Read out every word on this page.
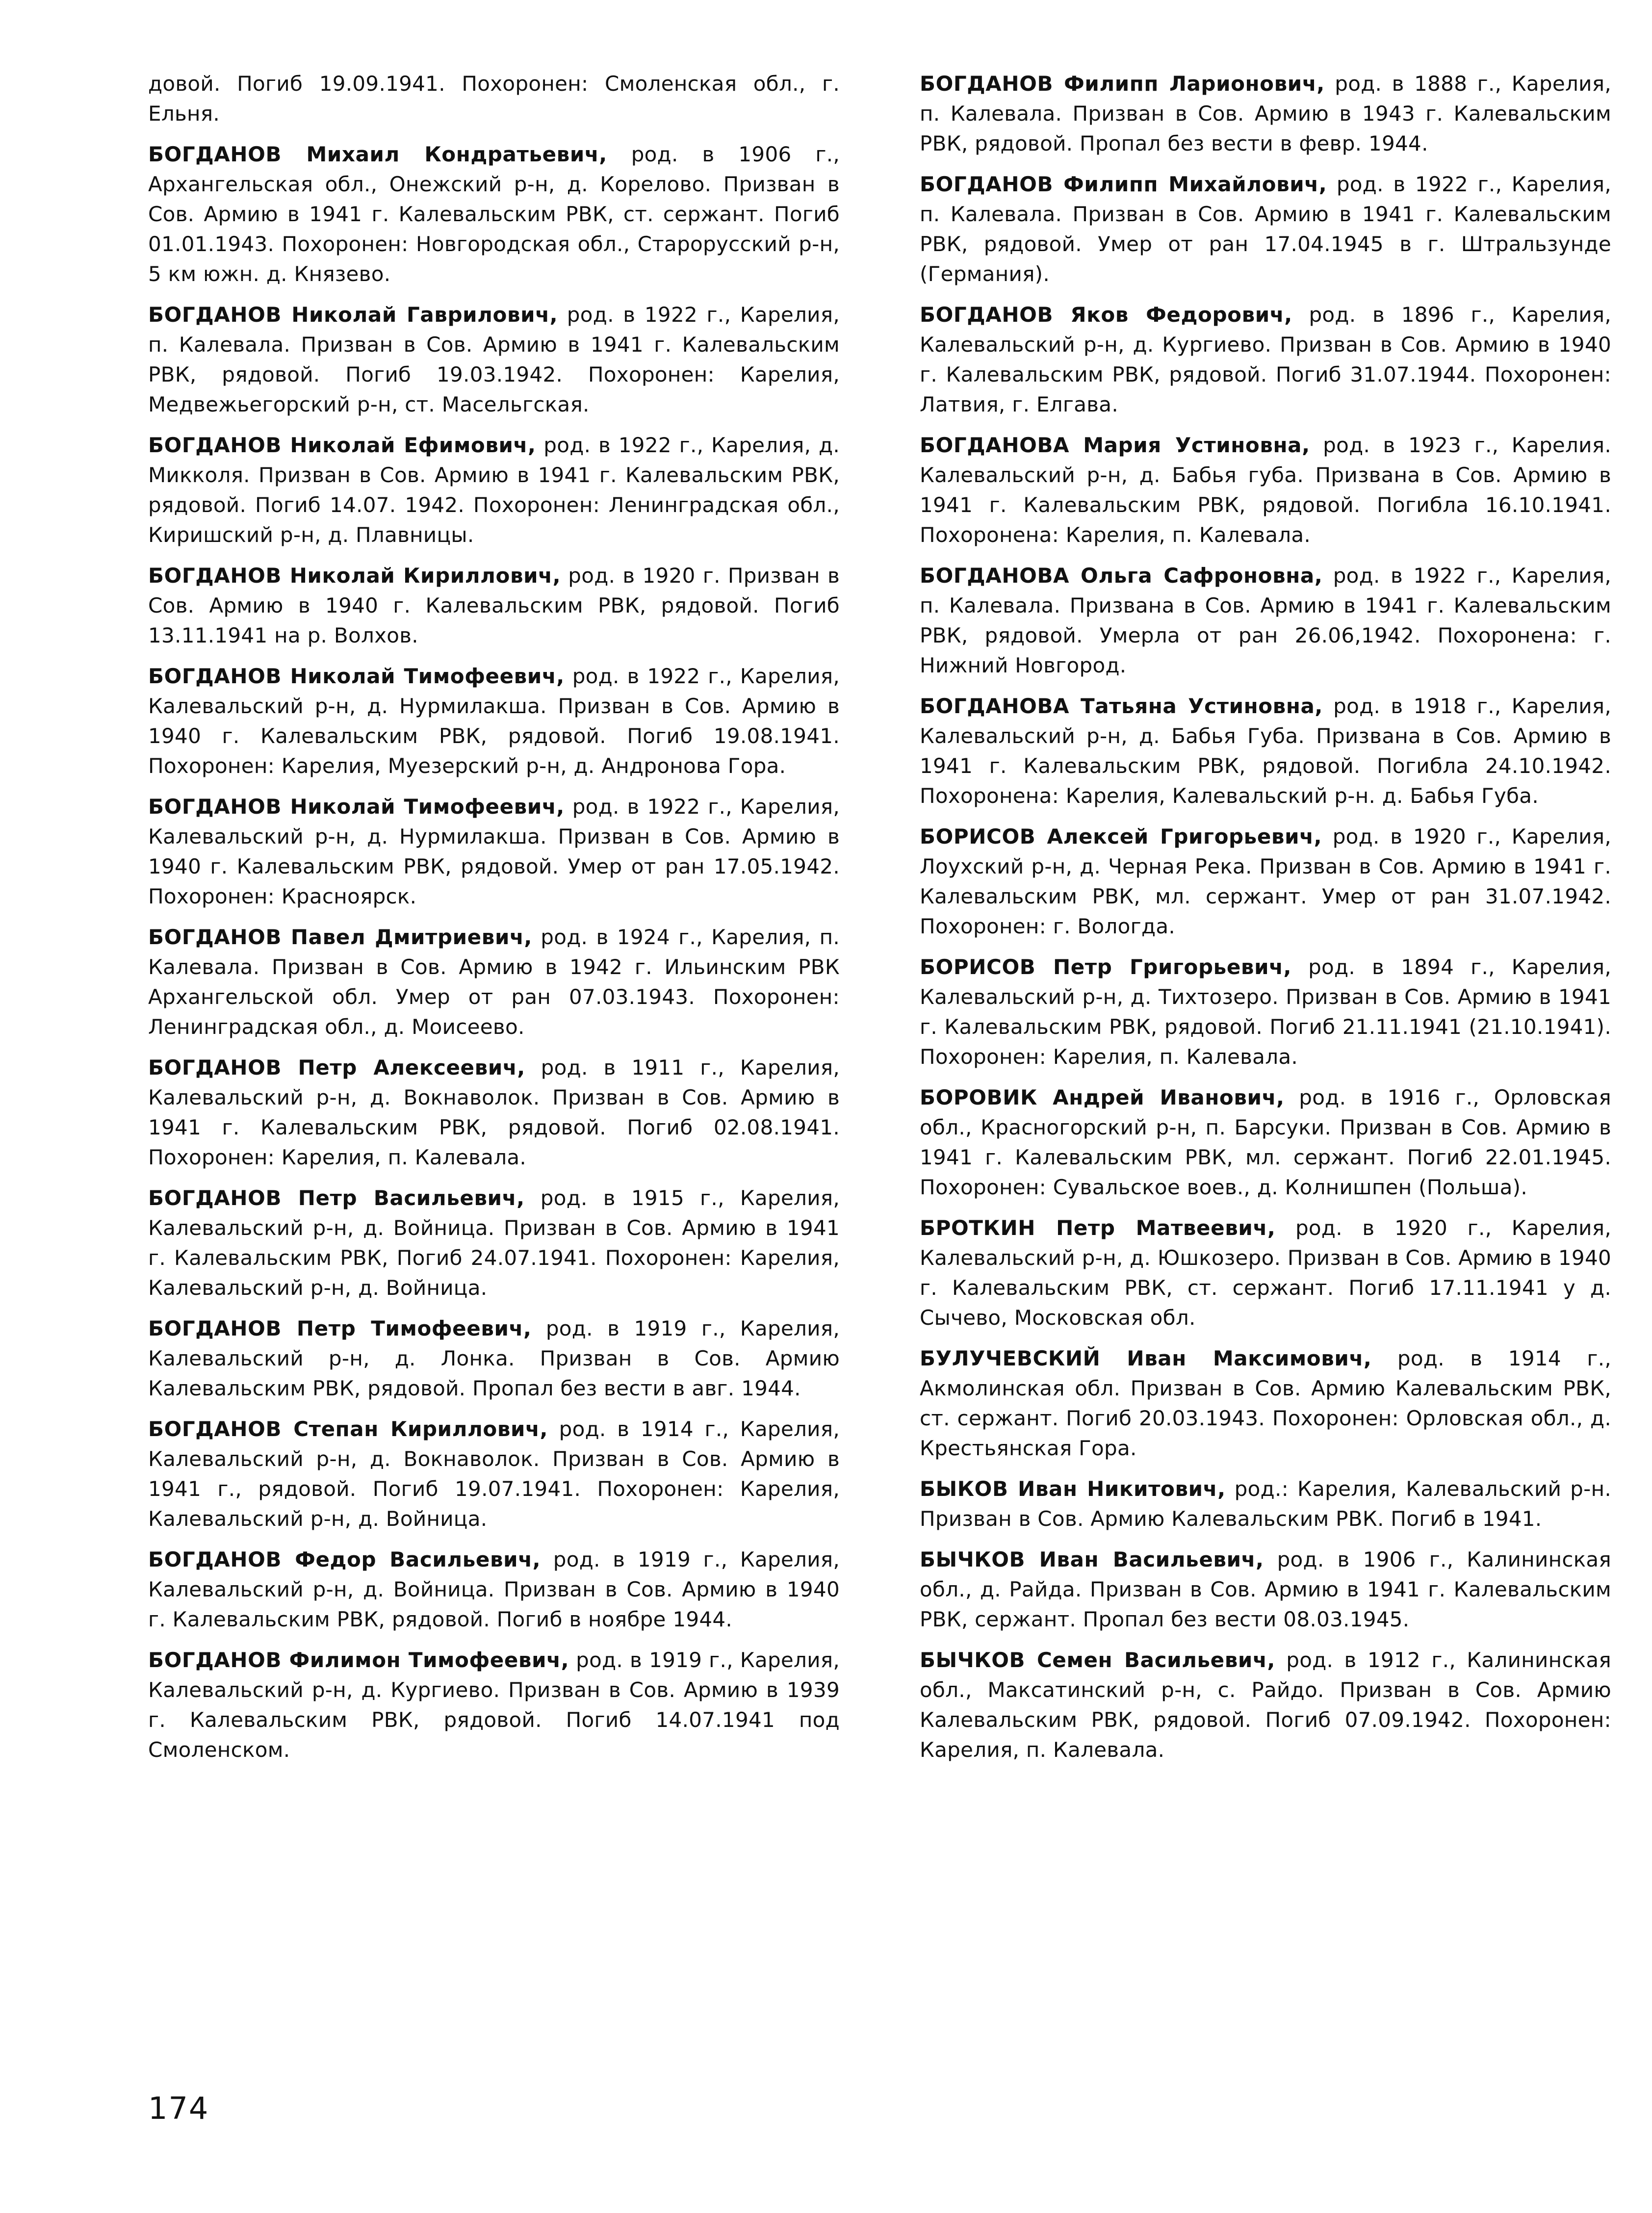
довой. Погиб 19.09.1941. Похоронен: Смоленская обл., г. Ельня.

БОГДАНОВ Михаил Кондратьевич, род. в 1906 г., Архангельская обл., Онежский р-н, д. Корелово. Призван в Сов. Армию в 1941 г. Калевальским РВК, ст. сержант. Погиб 01.01.1943. Похоронен: Новгородская обл., Старорусский р-н, 5 км южн. д. Князево.

БОГДАНОВ Николай Гаврилович, род. в 1922 г., Карелия, п. Калевала. Призван в Сов. Армию в 1941 г. Калевальским РВК, рядовой. Погиб 19.03.1942. Похоронен: Карелия, Медвежьегорский р-н, ст. Масельгская.

БОГДАНОВ Николай Ефимович, род. в 1922 г., Карелия, д. Микколя. Призван в Сов. Армию в 1941 г. Калевальским РВК, рядовой. Погиб 14.07. 1942. Похоронен: Ленинградская обл., Киришский р-н, д. Плавницы.

БОГДАНОВ Николай Кириллович, род. в 1920 г. Призван в Сов. Армию в 1940 г. Калевальским РВК, рядовой. Погиб 13.11.1941 на р. Волхов.

БОГДАНОВ Николай Тимофеевич, род. в 1922 г., Карелия, Калевальский р-н, д. Нурмилакша. Призван в Сов. Армию в 1940 г. Калевальским РВК, рядовой. Погиб 19.08.1941. Похоронен: Карелия, Муезерский р-н, д. Андронова Гора.

БОГДАНОВ Николай Тимофеевич, род. в 1922 г., Карелия, Калевальский р-н, д. Нурмилакша. Призван в Сов. Армию в 1940 г. Калевальским РВК, рядовой. Умер от ран 17.05.1942. Похоронен: Красноярск.

БОГДАНОВ Павел Дмитриевич, род. в 1924 г., Карелия, п. Калевала. Призван в Сов. Армию в 1942 г. Ильинским РВК Архангельской обл. Умер от ран 07.03.1943. Похоронен: Ленинградская обл., д. Моисеево.

БОГДАНОВ Петр Алексеевич, род. в 1911 г., Карелия, Калевальский р-н, д. Вокнаволок. Призван в Сов. Армию в 1941 г. Калевальским РВК, рядовой. Погиб 02.08.1941. Похоронен: Карелия, п. Калевала.

БОГДАНОВ Петр Васильевич, род. в 1915 г., Карелия, Калевальский р-н, д. Войница. Призван в Сов. Армию в 1941 г. Калевальским РВК, Погиб 24.07.1941. Похоронен: Карелия, Калевальский р-н, д. Войница.

БОГДАНОВ Петр Тимофеевич, род. в 1919 г., Карелия, Калевальский р-н, д. Лонка. Призван в Сов. Армию Калевальским РВК, рядовой. Пропал без вести в авг. 1944.

БОГДАНОВ Степан Кириллович, род. в 1914 г., Карелия, Калевальский р-н, д. Вокнаволок. Призван в Сов. Армию в 1941 г., рядовой. Погиб 19.07.1941. Похоронен: Карелия, Калевальский р-н, д. Войница.

БОГДАНОВ Федор Васильевич, род. в 1919 г., Карелия, Калевальский р-н, д. Войница. Призван в Сов. Армию в 1940 г. Калевальским РВК, рядовой. Погиб в ноябре 1944.

БОГДАНОВ Филимон Тимофеевич, род. в 1919 г., Карелия, Калевальский р-н, д. Кургиево. Призван в Сов. Армию в 1939 г. Калевальским РВК, рядовой. Погиб 14.07.1941 под Смоленском.

БОГДАНОВ Филипп Ларионович, род. в 1888 г., Карелия, п. Калевала. Призван в Сов. Армию в 1943 г. Калевальским РВК, рядовой. Пропал без вести в февр. 1944.

БОГДАНОВ Филипп Михайлович, род. в 1922 г., Карелия, п. Калевала. Призван в Сов. Армию в 1941 г. Калевальским РВК, рядовой. Умер от ран 17.04.1945 в г. Штральзунде (Германия).

БОГДАНОВ Яков Федорович, род. в 1896 г., Карелия, Калевальский р-н, д. Кургиево. Призван в Сов. Армию в 1940 г. Калевальским РВК, рядовой. Погиб 31.07.1944. Похоронен: Латвия, г. Елгава.

БОГДАНОВА Мария Устиновна, род. в 1923 г., Карелия. Калевальский р-н, д. Бабья губа. Призвана в Сов. Армию в 1941 г. Калевальским РВК, рядовой. Погибла 16.10.1941. Похоронена: Карелия, п. Калевала.

БОГДАНОВА Ольга Сафроновна, род. в 1922 г., Карелия, п. Калевала. Призвана в Сов. Армию в 1941 г. Калевальским РВК, рядовой. Умерла от ран 26.06,1942. Похоронена: г. Нижний Новгород.

БОГДАНОВА Татьяна Устиновна, род. в 1918 г., Карелия, Калевальский р-н, д. Бабья Губа. Призвана в Сов. Армию в 1941 г. Калевальским РВК, рядовой. Погибла 24.10.1942. Похоронена: Карелия, Калевальский р-н. д. Бабья Губа.

БОРИСОВ Алексей Григорьевич, род. в 1920 г., Карелия, Лоухский р-н, д. Черная Река. Призван в Сов. Армию в 1941 г. Калевальским РВК, мл. сержант. Умер от ран 31.07.1942. Похоронен: г. Вологда.

БОРИСОВ Петр Григорьевич, род. в 1894 г., Карелия, Калевальский р-н, д. Тихтозеро. Призван в Сов. Армию в 1941 г. Калевальским РВК, рядовой. Погиб 21.11.1941 (21.10.1941). Похоронен: Карелия, п. Калевала.

БОРОВИК Андрей Иванович, род. в 1916 г., Орловская обл., Красногорский р-н, п. Барсуки. Призван в Сов. Армию в 1941 г. Калевальским РВК, мл. сержант. Погиб 22.01.1945. Похоронен: Сувальское воев., д. Колнишпен (Польша).

БРОТКИН Петр Матвеевич, род. в 1920 г., Карелия, Калевальский р-н, д. Юшкозеро. Призван в Сов. Армию в 1940 г. Калевальским РВК, ст. сержант. Погиб 17.11.1941 у д. Сычево, Московская обл.

БУЛУЧЕВСКИЙ Иван Максимович, род. в 1914 г., Акмолинская обл. Призван в Сов. Армию Калевальским РВК, ст. сержант. Погиб 20.03.1943. Похоронен: Орловская обл., д. Крестьянская Гора.

БЫКОВ Иван Никитович, род.: Карелия, Калевальский р-н. Призван в Сов. Армию Калевальским РВК. Погиб в 1941.

БЫЧКОВ Иван Васильевич, род. в 1906 г., Калининская обл., д. Райда. Призван в Сов. Армию в 1941 г. Калевальским РВК, сержант. Пропал без вести 08.03.1945.

БЫЧКОВ Семен Васильевич, род. в 1912 г., Калининская обл., Максатинский р-н, с. Райдо. Призван в Сов. Армию Калевальским РВК, рядовой. Погиб 07.09.1942. Похоронен: Карелия, п. Калевала.

174
